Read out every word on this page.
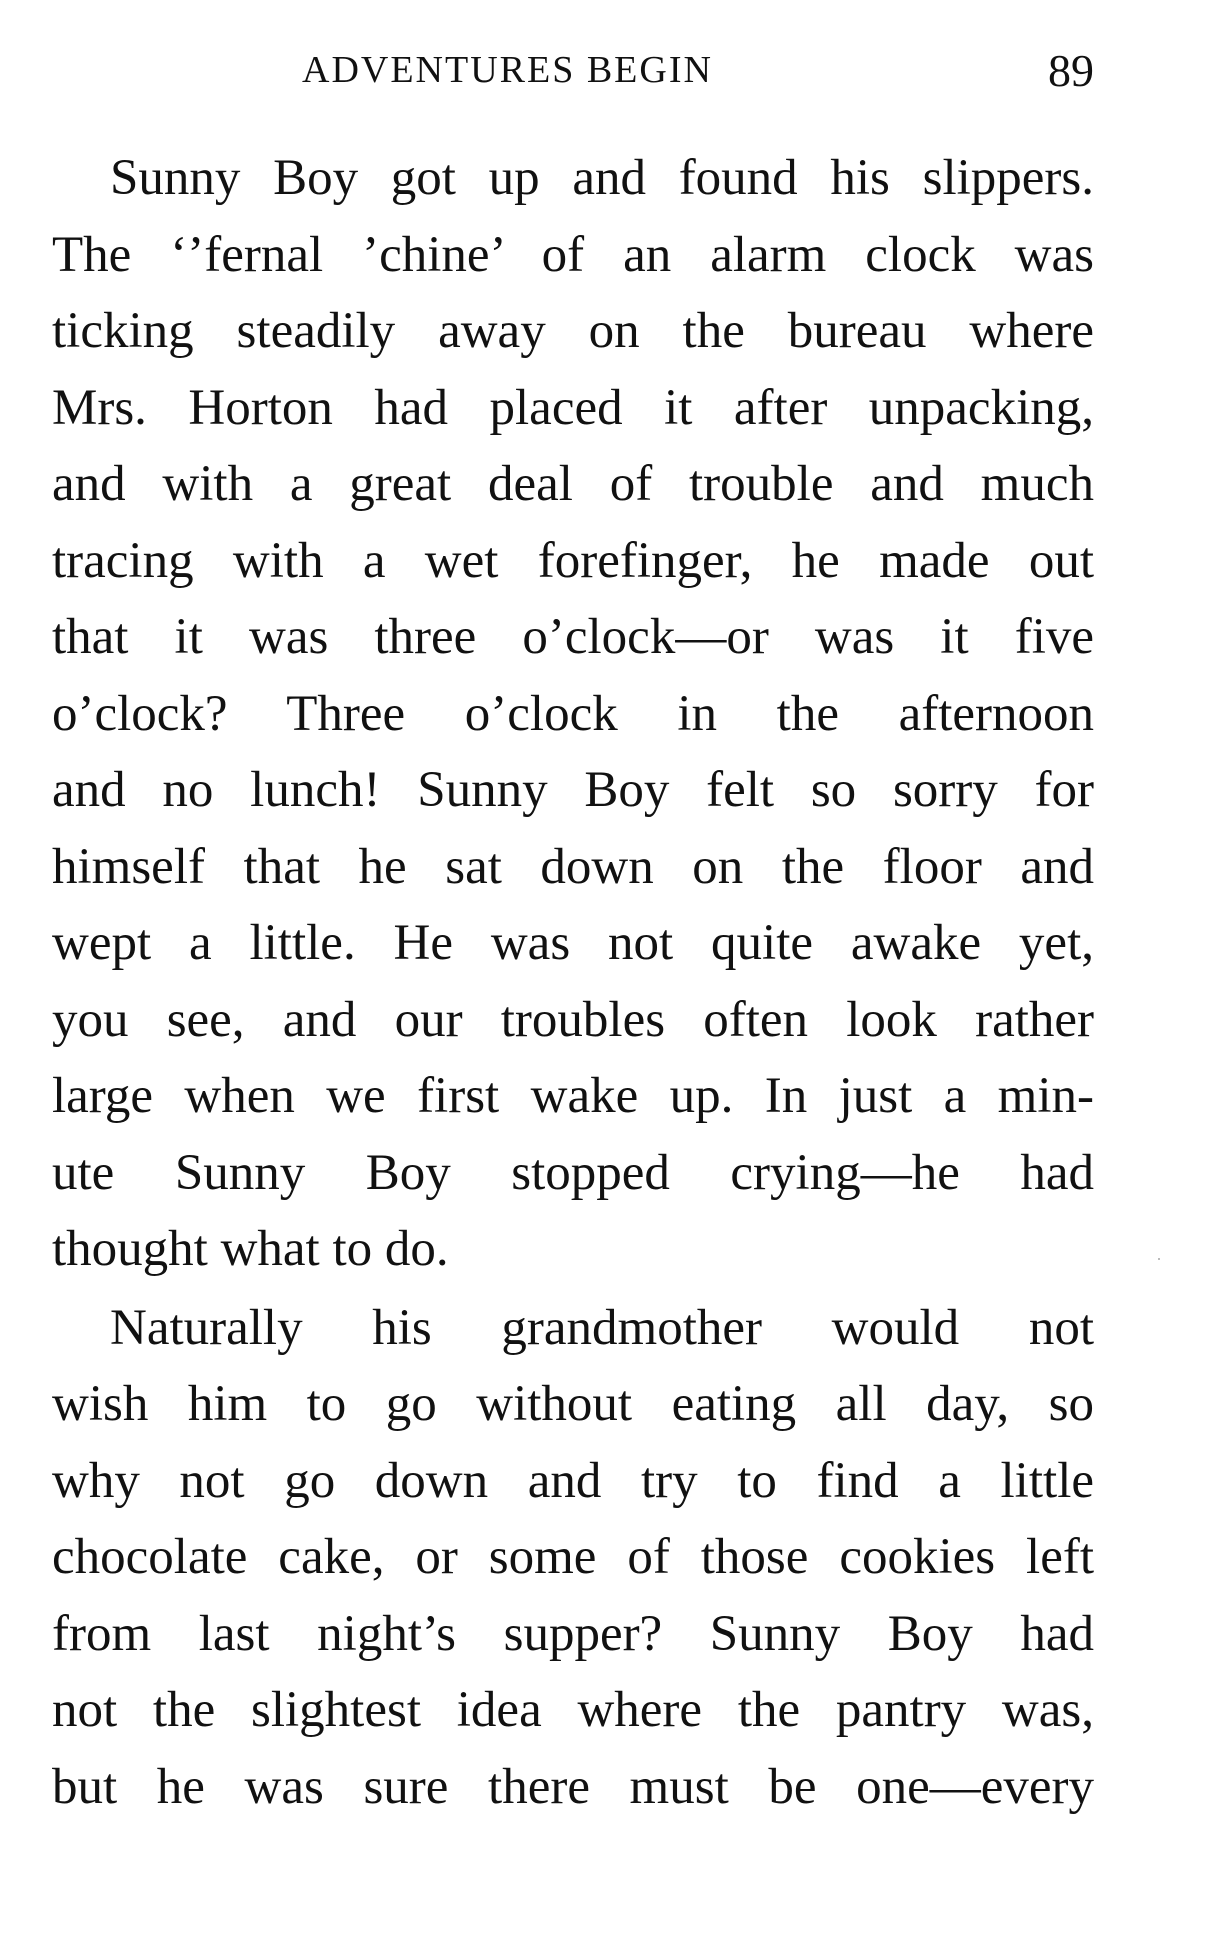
ADVENTURES BEGIN	89
Sunny Boy got up and found his slippers.
The ‘’fernal ’chine’ of an alarm clock was
ticking steadily away on the bureau where
Mrs. Horton had placed it after unpacking,
and with a great deal of trouble and much
tracing with a wet forefinger, he made out
that it was three o’clock—or was it five
o’clock? Three o’clock in the afternoon
and no lunch! Sunny Boy felt so sorry for
himself that he sat down on the floor and
wept a little. He was not quite awake yet,
you see, and our troubles often look rather
large when we first wake up. In just a min-
ute Sunny Boy stopped crying—he had
thought what to do.
Naturally his grandmother would not
wish him to go without eating all day, so
why not go down and try to find a little
chocolate cake, or some of those cookies left
from last night’s supper? Sunny Boy had
not the slightest idea where the pantry was,
but he was sure there must be one—every
